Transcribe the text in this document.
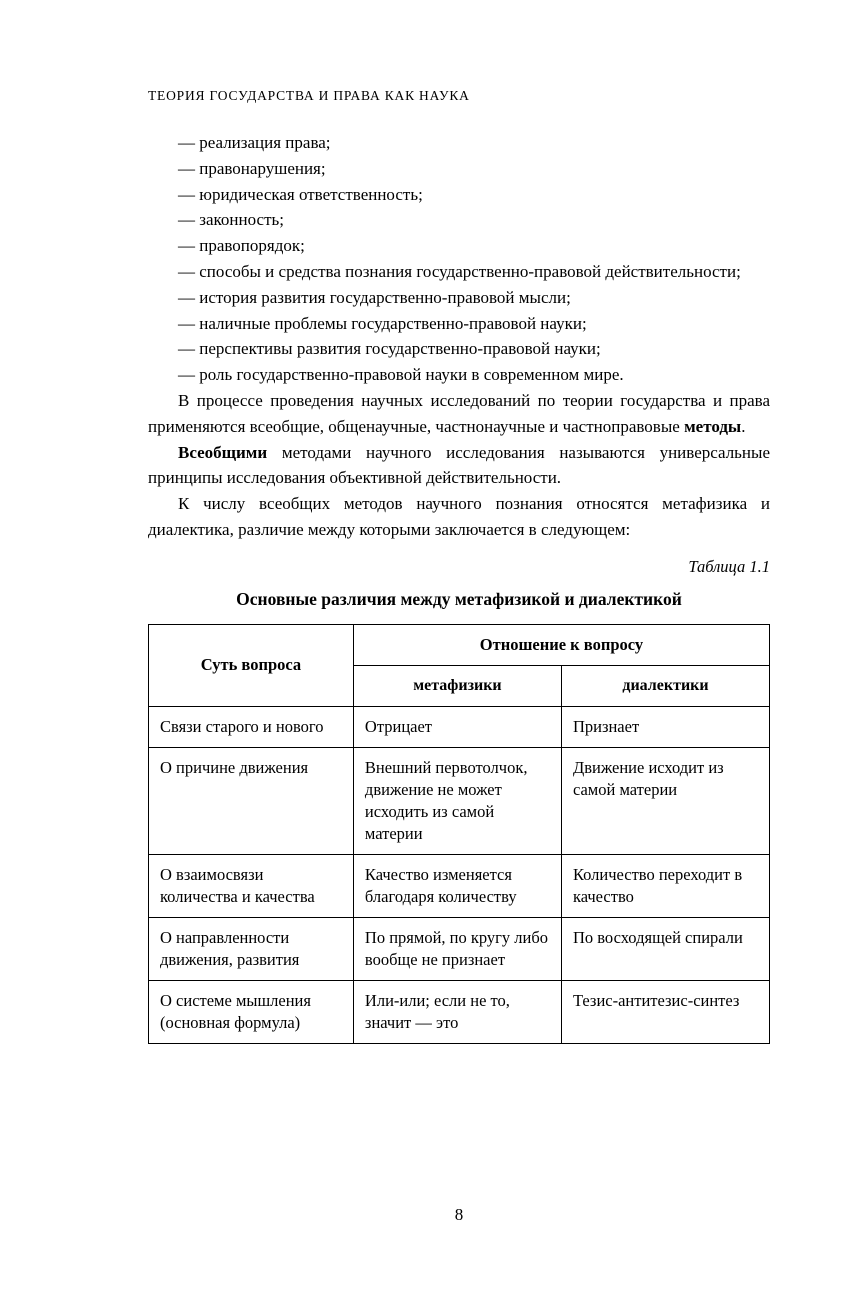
ТЕОРИЯ ГОСУДАРСТВА И ПРАВА КАК НАУКА

— реализация права;

— правонарушения;

— юридическая ответственность;

— законность;

— правопорядок;

— способы и средства познания государственно-правовой действительности;

— история развития государственно-правовой мысли;

— наличные проблемы государственно-правовой науки;

— перспективы развития государственно-правовой науки;

— роль государственно-правовой науки в современном мире.

В процессе проведения научных исследований по теории государства и права применяются всеобщие, общенаучные, частнонаучные и частноправовые методы.

Всеобщими методами научного исследования называются универсальные принципы исследования объективной действительности.

К числу всеобщих методов научного познания относятся метафизика и диалектика, различие между которыми заключается в следующем:

Таблица 1.1
Основные различия между метафизикой и диалектикой
Суть вопроса	Отношение к вопросу	
	метафизики	диалектики
Связи старого и нового	Отрицает	Признает
О причине движения	Внешний первотолчок, движение не может исходить из самой материи	Движение исходит из самой материи
О взаимосвязи количества и качества	Качество изменяется благодаря количеству	Количество переходит в качество
О направленности движения, развития	По прямой, по кругу либо вообще не признает	По восходящей спирали
О системе мышления (основная формула)	Или-или; если не то, значит — это	Тезис-антитезис-синтез
8
